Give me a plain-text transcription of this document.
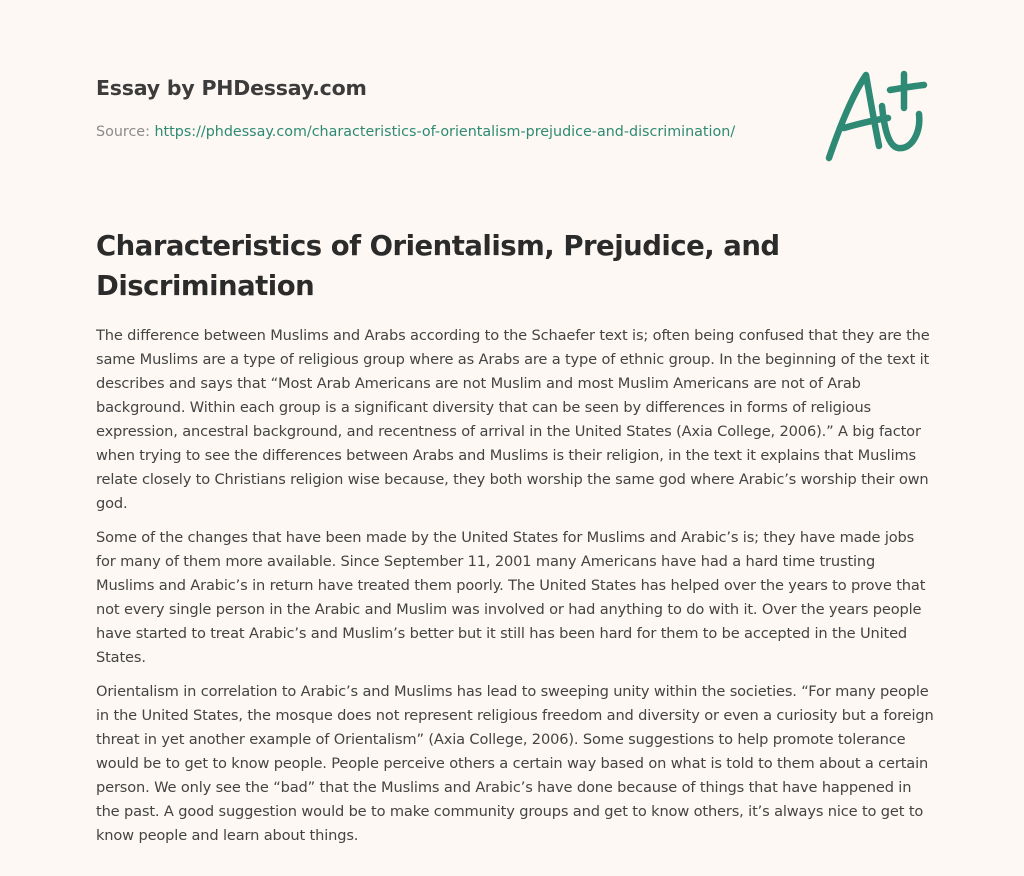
Essay by PHDessay.com
Source: https://phdessay.com/characteristics-of-orientalism-prejudice-and-discrimination/
Characteristics of Orientalism, Prejudice, and Discrimination

The difference between Muslims and Arabs according to the Schaefer text is; often being confused that they are the same Muslims are a type of religious group where as Arabs are a type of ethnic group. In the beginning of the text it describes and says that “Most Arab Americans are not Muslim and most Muslim Americans are not of Arab background. Within each group is a significant diversity that can be seen by differences in forms of religious expression, ancestral background, and recentness of arrival in the United States (Axia College, 2006).” A big factor when trying to see the differences between Arabs and Muslims is their religion, in the text it explains that Muslims relate closely to Christians religion wise because, they both worship the same god where Arabic’s worship their own god.

Some of the changes that have been made by the United States for Muslims and Arabic’s is; they have made jobs for many of them more available. Since September 11, 2001 many Americans have had a hard time trusting Muslims and Arabic’s in return have treated them poorly. The United States has helped over the years to prove that not every single person in the Arabic and Muslim was involved or had anything to do with it. Over the years people have started to treat Arabic’s and Muslim’s better but it still has been hard for them to be accepted in the United States.

Orientalism in correlation to Arabic’s and Muslims has lead to sweeping unity within the societies. “For many people in the United States, the mosque does not represent religious freedom and diversity or even a curiosity but a foreign threat in yet another example of Orientalism” (Axia College, 2006). Some suggestions to help promote tolerance would be to get to know people. People perceive others a certain way based on what is told to them about a certain person. We only see the “bad” that the Muslims and Arabic’s have done because of things that have happened in the past. A good suggestion would be to make community groups and get to know others, it’s always nice to get to know people and learn about things.
